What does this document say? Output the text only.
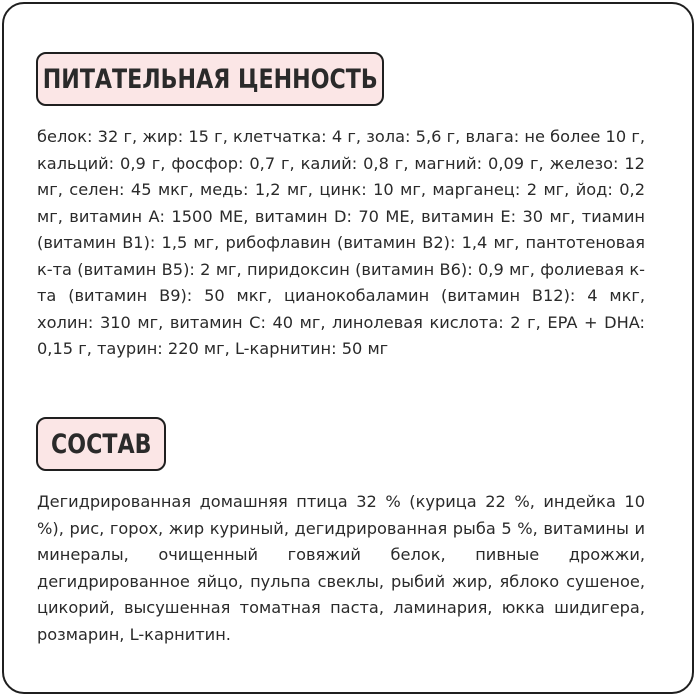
ПИТАТЕЛЬНАЯ ЦЕННОСТЬ

белок: 32 г, жир: 15 г, клетчатка: 4 г, зола: 5,6 г, влага: не более 10 г, кальций: 0,9 г, фосфор: 0,7 г, калий: 0,8 г, магний: 0,09 г, железо: 12 мг, селен: 45 мкг, медь: 1,2 мг, цинк: 10 мг, марганец: 2 мг, йод: 0,2 мг, витамин А: 1500 МЕ, витамин D: 70 МЕ, витамин Е: 30 мг, тиамин (витамин B1): 1,5 мг, рибофлавин (витамин B2): 1,4 мг, пантотеновая к-та (витамин B5): 2 мг, пиридоксин (витамин B6): 0,9 мг, фолиевая к-та (витамин B9): 50 мкг, цианокобаламин (витамин B12): 4 мкг, холин: 310 мг, витамин С: 40 мг, линолевая кислота: 2 г, EPA + DHA: 0,15 г, таурин: 220 мг, L-карнитин: 50 мг

СОСТАВ

Дегидрированная домашняя птица 32 % (курица 22 %, индейка 10 %), рис, горох, жир куриный, дегидрированная рыба 5 %, витамины и минералы, очищенный говяжий белок, пивные дрожжи, дегидрированное яйцо, пульпа свеклы, рыбий жир, яблоко сушеное, цикорий, высушенная томатная паста, ламинария, юкка шидигера, розмарин, L-карнитин.
